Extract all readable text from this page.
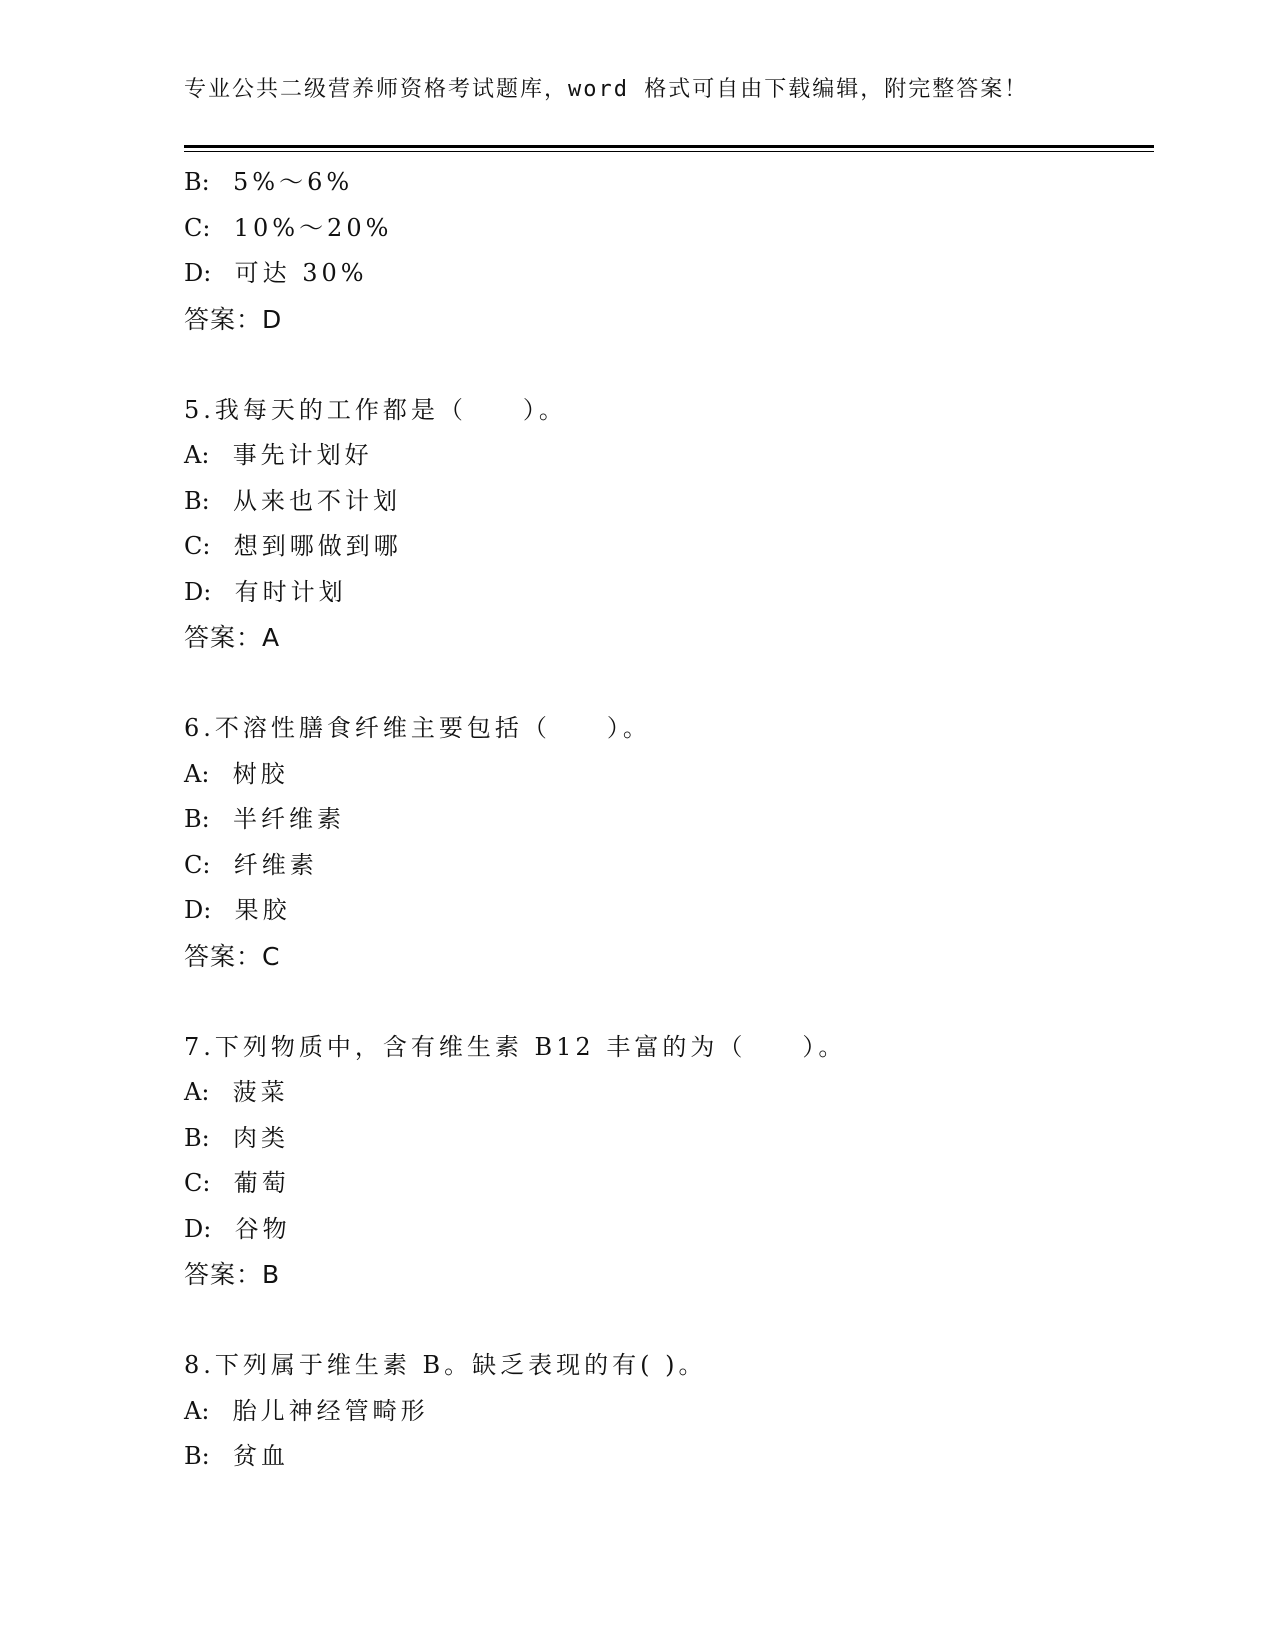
专业公共二级营养师资格考试题库，word 格式可自由下载编辑，附完整答案！
B: 5%～6%
C: 10%～20%
D: 可达 30%
答案：D
5.我每天的工作都是（　　）。
A: 事先计划好
B: 从来也不计划
C: 想到哪做到哪
D: 有时计划
答案：A
6.不溶性膳食纤维主要包括（　　）。
A: 树胶
B: 半纤维素
C: 纤维素
D: 果胶
答案：C
7.下列物质中，含有维生素 B12 丰富的为（　　）。
A: 菠菜
B: 肉类
C: 葡萄
D: 谷物
答案：B
8.下列属于维生素 B。缺乏表现的有( )。
A: 胎儿神经管畸形
B: 贫血
